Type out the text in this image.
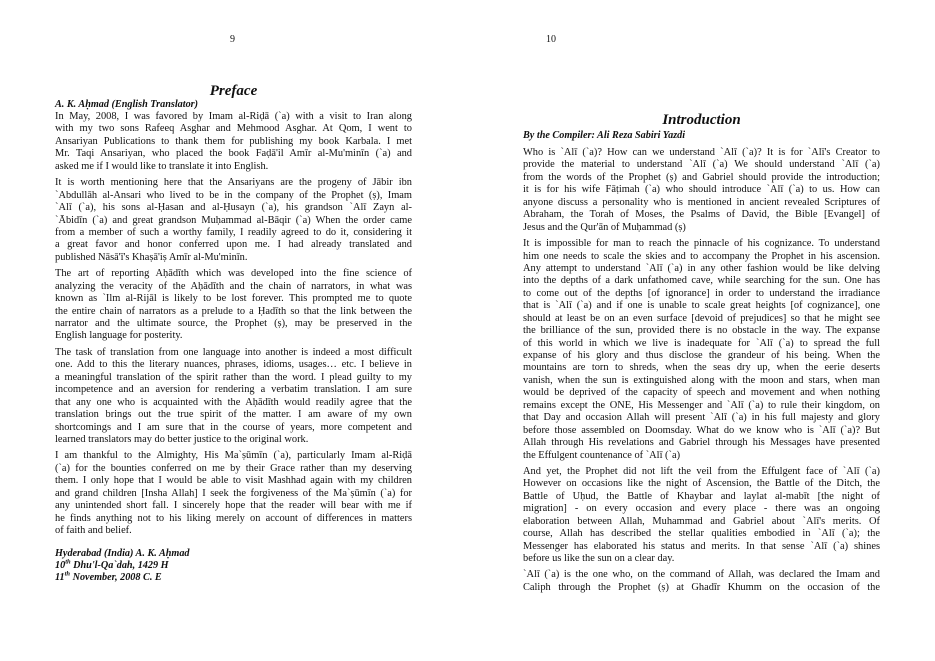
9
Preface
A. K. Aḥmad (English Translator)

In May, 2008, I was favored by Imam al-Riḍā (`a) with a visit to Iran along
with my two sons Rafeeq Asghar and Mehmood Asghar. At Qom, I went to
Ansariyan Publications to thank them for publishing my book Karbala. I met
Mr. Taqi Ansariyan, who placed the book Faḍā'il Amīr al-Mu'minīn (`a) and
asked me if I would like to translate it into English.

It is worth mentioning here that the Ansariyans are the progeny of Jābir ibn
`Abdullāh al-Ansari who lived to be in the company of the Prophet (ṣ), Imam
`Alī (`a), his sons al-Ḥasan and al-Ḥusayn (`a), his grandson `Alī Zayn al-
`Ābidīn (`a) and great grandson Muḥammad al-Bāqir (`a) When the order came
from a member of such a worthy family, I readily agreed to do it, considering it
a great favor and honor conferred upon me. I had already translated and
published Nāsā'ī's Khaṣā'iṣ Amīr al-Mu'minīn.

The art of reporting Aḥādīth which was developed into the fine science of
analyzing the veracity of the Aḥādīth and the chain of narrators, in what was
known as `Ilm al-Rijāl is likely to be lost forever. This prompted me to quote
the entire chain of narrators as a prelude to a Ḥadīth so that the link between the
narrator and the ultimate source, the Prophet (ṣ), may be preserved in the
English language for posterity.

The task of translation from one language into another is indeed a most difficult
one. Add to this the literary nuances, phrases, idioms, usages… etc. I believe in
a meaningful translation of the spirit rather than the word. I plead guilty to my
incompetence and an aversion for rendering a verbatim translation. I am sure
that any one who is acquainted with the Aḥādīth would readily agree that the
translation brings out the true spirit of the matter. I am aware of my own
shortcomings and I am sure that in the course of years, more competent and
learned translators may do better justice to the original work.

I am thankful to the Almighty, His Ma`ṣūmīn (`a), particularly Imam al-Riḍā
(`a) for the bounties conferred on me by their Grace rather than my deserving
them. I only hope that I would be able to visit Mashhad again with my children
and grand children [Insha Allah] I seek the forgiveness of the Ma`ṣūmīn (`a) for
any unintended short fall. I sincerely hope that the reader will bear with me if
he finds anything not to his liking merely on account of differences in matters
of faith and belief.

Hyderabad (India) A. K. Aḥmad
10th Dhu'l-Qa`dah, 1429 H
11th November, 2008 C. E
10
Introduction
By the Compiler: Ali Reza Sabiri Yazdi

Who is `Alī (`a)? How can we understand `Alī (`a)? It is for `Alī's Creator to
provide the material to understand `Alī (`a) We should understand `Alī (`a)
from the words of the Prophet (ṣ) and Gabriel should provide the introduction;
it is for his wife Fāṭimah (`a) who should introduce `Alī (`a) to us. How can
anyone discuss a personality who is mentioned in ancient revealed Scriptures of
Abraham, the Torah of Moses, the Psalms of David, the Bible [Evangel] of
Jesus and the Qur'ān of Muḥammad (ṣ)

It is impossible for man to reach the pinnacle of his cognizance. To understand
him one needs to scale the skies and to accompany the Prophet in his ascension.
Any attempt to understand `Alī (`a) in any other fashion would be like delving
into the depths of a dark unfathomed cave, while searching for the sun. One has
to come out of the depths [of ignorance] in order to understand the irradiance
that is `Alī (`a) and if one is unable to scale great heights [of cognizance], one
should at least be on an even surface [devoid of prejudices] so that he might see
the brilliance of the sun, provided there is no obstacle in the way. The expanse
of this world in which we live is inadequate for `Alī (`a) to spread the full
expanse of his glory and thus disclose the grandeur of his being. When the
mountains are torn to shreds, when the seas dry up, when the eerie deserts
vanish, when the sun is extinguished along with the moon and stars, when man
would be deprived of the capacity of speech and movement and when nothing
remains except the ONE, His Messenger and `Alī (`a) to rule their kingdom, on
that Day and occasion Allah will present `Alī (`a) in his full majesty and glory
before those assembled on Doomsday. What do we know who is `Alī (`a)? But
Allah through His revelations and Gabriel through his Messages have presented
the Effulgent countenance of `Alī (`a)

And yet, the Prophet did not lift the veil from the Effulgent face of `Alī (`a)
However on occasions like the night of Ascension, the Battle of the Ditch, the
Battle of Uḥud, the Battle of Khaybar and laylat al-mabīt [the night of
migration] - on every occasion and every place - there was an ongoing
elaboration between Allah, Muhammad and Gabriel about `Alī's merits. Of
course, Allah has described the stellar qualities embodied in `Alī (`a); the
Messenger has elaborated his status and merits. In that sense `Alī (`a) shines
before us like the sun on a clear day.

`Alī (`a) is the one who, on the command of Allah, was declared the Imam and
Caliph through the Prophet (ṣ) at Ghadīr Khumm on the occasion of the
